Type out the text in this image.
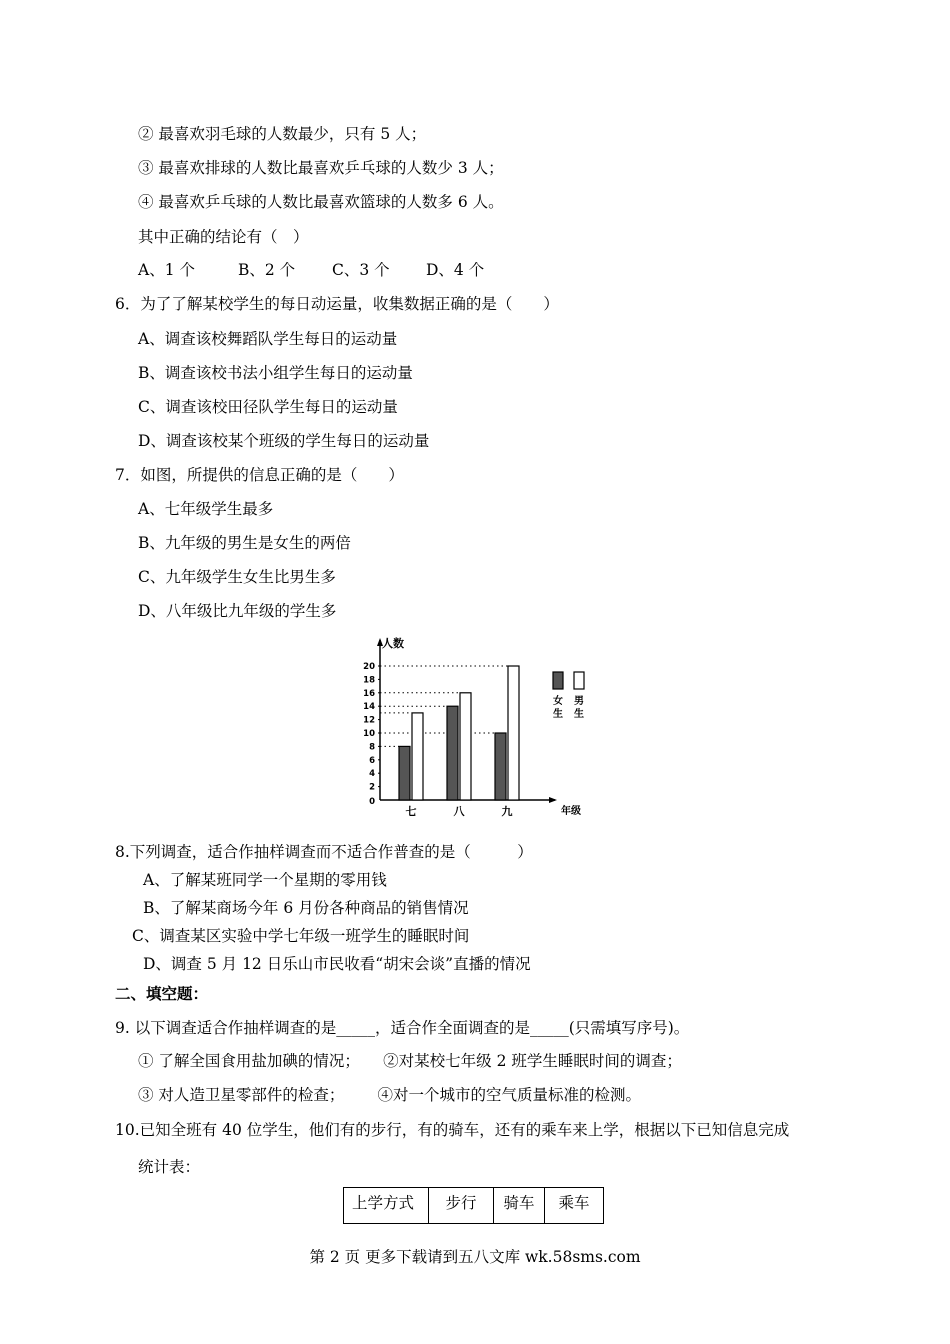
② 最喜欢羽毛球的人数最少，只有 5 人；
③ 最喜欢排球的人数比最喜欢乒乓球的人数少 3 人；
④ 最喜欢乒乓球的人数比最喜欢篮球的人数多 6 人。
其中正确的结论有（　）
A、1 个	B、2 个 C、3 个 D、4 个
6．为了了解某校学生的每日动运量，收集数据正确的是（　　）
A、调查该校舞蹈队学生每日的运动量
B、调查该校书法小组学生每日的运动量
C、调查该校田径队学生每日的运动量
D、调查该校某个班级的学生每日的运动量
7．如图，所提供的信息正确的是（　　）
A、七年级学生最多
B、九年级的男生是女生的两倍
C、九年级学生女生比男生多
D、八年级比九年级的学生多
人数
年级
0
2
4
6
8
10
12
14
16
18
20
七	八	九
女
生
男
生
8.下列调查，适合作抽样调查而不适合作普查的是（　　　）
A、了解某班同学一个星期的零用钱
B、了解某商场今年 6 月份各种商品的销售情况
C、调查某区实验中学七年级一班学生的睡眠时间
D、调查 5 月 12 日乐山市民收看“胡宋会谈”直播的情况
二、填空题：
9. 以下调查适合作抽样调查的是_____，适合作全面调查的是_____(只需填写序号)。
① 了解全国食用盐加碘的情况；　　②对某校七年级 2 班学生睡眠时间的调查；
③ 对人造卫星零部件的检查；　　  ④对一个城市的空气质量标准的检测。
10.已知全班有 40 位学生，他们有的步行，有的骑车，还有的乘车来上学，根据以下已知信息完成
统计表：
上学方式	步行	骑车	乘车
第 2 页 更多下载请到五八文库 wk.58sms.com
